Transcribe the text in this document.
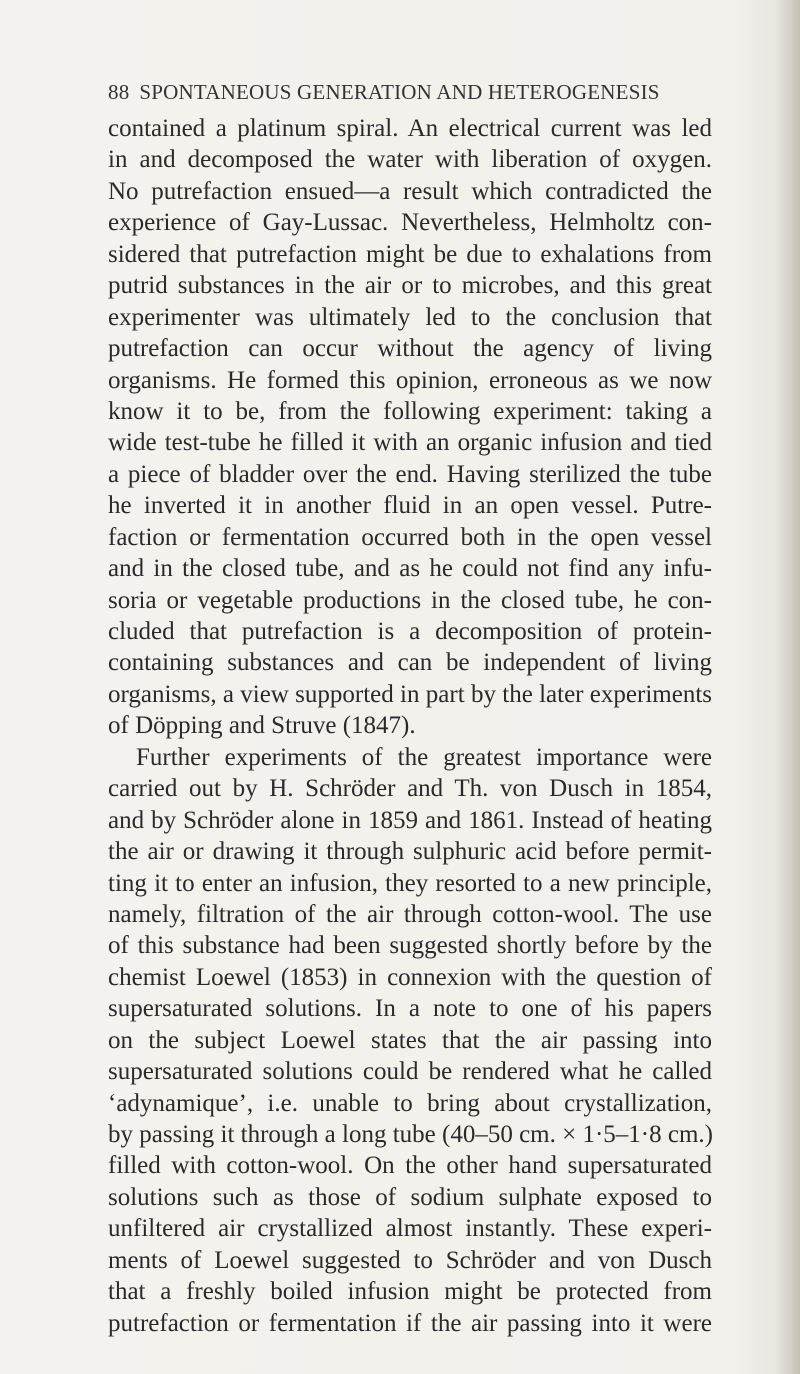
88 SPONTANEOUS GENERATION AND HETEROGENESIS
contained a platinum spiral. An electrical current was led
in and decomposed the water with liberation of oxygen.
No putrefaction ensued—a result which contradicted the
experience of Gay-Lussac. Nevertheless, Helmholtz con-
sidered that putrefaction might be due to exhalations from
putrid substances in the air or to microbes, and this great
experimenter was ultimately led to the conclusion that
putrefaction can occur without the agency of living
organisms. He formed this opinion, erroneous as we now
know it to be, from the following experiment: taking a
wide test-tube he filled it with an organic infusion and tied
a piece of bladder over the end. Having sterilized the tube
he inverted it in another fluid in an open vessel. Putre-
faction or fermentation occurred both in the open vessel
and in the closed tube, and as he could not find any infu-
soria or vegetable productions in the closed tube, he con-
cluded that putrefaction is a decomposition of protein-
containing substances and can be independent of living
organisms, a view supported in part by the later experiments
of Döpping and Struve (1847).
Further experiments of the greatest importance were
carried out by H. Schröder and Th. von Dusch in 1854,
and by Schröder alone in 1859 and 1861. Instead of heating
the air or drawing it through sulphuric acid before permit-
ting it to enter an infusion, they resorted to a new principle,
namely, filtration of the air through cotton-wool. The use
of this substance had been suggested shortly before by the
chemist Loewel (1853) in connexion with the question of
supersaturated solutions. In a note to one of his papers
on the subject Loewel states that the air passing into
supersaturated solutions could be rendered what he called
‘adynamique’, i.e. unable to bring about crystallization,
by passing it through a long tube (40–50 cm. × 1·5–1·8 cm.)
filled with cotton-wool. On the other hand supersaturated
solutions such as those of sodium sulphate exposed to
unfiltered air crystallized almost instantly. These experi-
ments of Loewel suggested to Schröder and von Dusch
that a freshly boiled infusion might be protected from
putrefaction or fermentation if the air passing into it were
